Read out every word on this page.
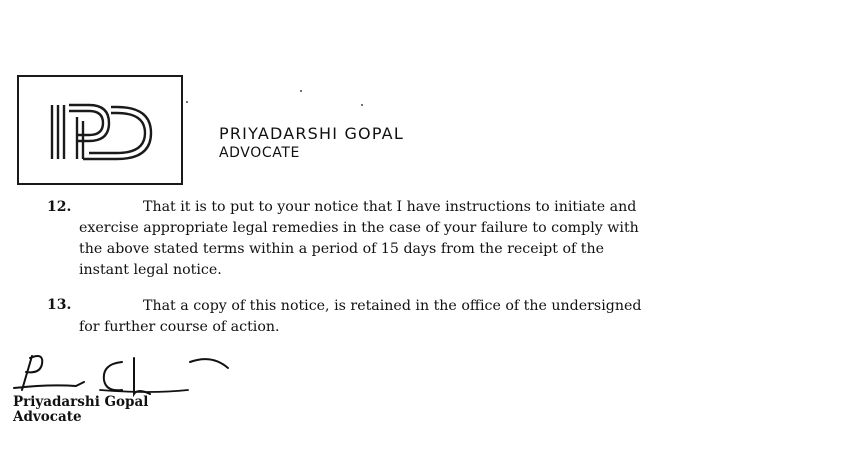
PRIYADARSHI GOPAL
ADVOCATE
12.	That it is to put to your notice that I have instructions to initiate and
exercise appropriate legal remedies in the case of your failure to comply with
the above stated terms within a period of 15 days from the receipt of the
instant legal notice.
13.	That a copy of this notice, is retained in the office of the undersigned
for further course of action.
Priyadarshi Gopal
Advocate
